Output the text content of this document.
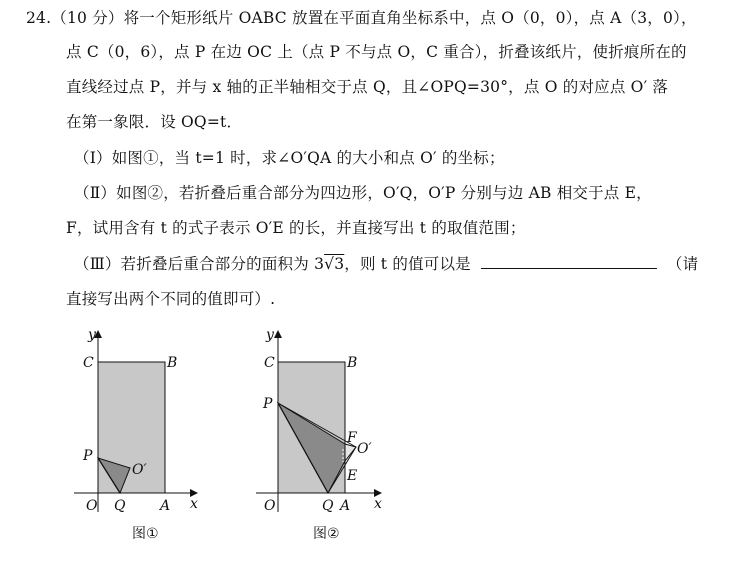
24.（10 分）将一个矩形纸片 OABC 放置在平面直角坐标系中，点 O（0，0），点 A（3，0），
点 C（0，6），点 P 在边 OC 上（点 P 不与点 O，C 重合），折叠该纸片，使折痕所在的
直线经过点 P，并与 x 轴的正半轴相交于点 Q，且∠OPQ=30°，点 O 的对应点 O′ 落
在第一象限．设 OQ=t．
（Ⅰ）如图①，当 t=1 时，求∠O′QA 的大小和点 O′ 的坐标；
（Ⅱ）如图②，若折叠后重合部分为四边形，O′Q，O′P 分别与边 AB 相交于点 E，
F，试用含有 t 的式子表示 O′E 的长，并直接写出 t 的取值范围；
（Ⅲ）若折叠后重合部分的面积为 3√3，则 t 的值可以是	（请
直接写出两个不同的值即可）.
y
x
C	B
P
O′
O Q A
图①
y
x
C	B
P
F
O′
E
O	Q A
图②
